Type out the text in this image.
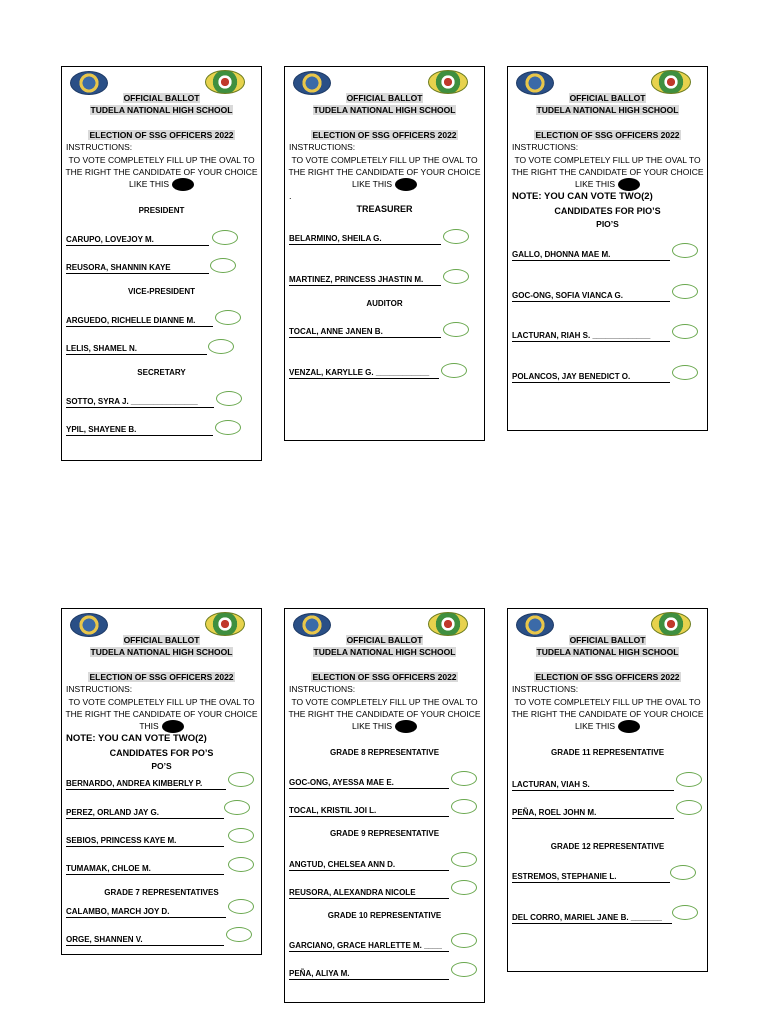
OFFICIAL BALLOT
TUDELA NATIONAL HIGH SCHOOL
ELECTION OF SSG OFFICERS 2022
INSTRUCTIONS:
TO VOTE COMPLETELY FILL UP THE OVAL TO
THE RIGHT THE CANDIDATE OF YOUR CHOICE
LIKE THIS
PRESIDENT
CARUPO, LOVEJOY M.
REUSORA, SHANNIN KAYE
VICE-PRESIDENT
ARGUEDO, RICHELLE DIANNE M.
LELIS, SHAMEL N.
SECRETARY
SOTTO, SYRA J. _______________
YPIL, SHAYENE B.
OFFICIAL BALLOT
TUDELA NATIONAL HIGH SCHOOL
ELECTION OF SSG OFFICERS 2022
INSTRUCTIONS:
TO VOTE COMPLETELY FILL UP THE OVAL TO
THE RIGHT THE CANDIDATE OF YOUR CHOICE
LIKE THIS
.
TREASURER
BELARMINO, SHEILA G.
MARTINEZ, PRINCESS JHASTIN M.
AUDITOR
TOCAL, ANNE JANEN B.
VENZAL, KARYLLE G. ____________
OFFICIAL BALLOT
TUDELA NATIONAL HIGH SCHOOL
ELECTION OF SSG OFFICERS 2022
INSTRUCTIONS:
TO VOTE COMPLETELY FILL UP THE OVAL TO
THE RIGHT THE CANDIDATE OF YOUR CHOICE
LIKE THIS
NOTE: YOU CAN VOTE TWO(2)
CANDIDATES FOR PIO’S
PIO’S
GALLO, DHONNA MAE M.
GOC-ONG, SOFIA VIANCA G.
LACTURAN, RIAH S. _____________
POLANCOS, JAY BENEDICT O.
OFFICIAL BALLOT
TUDELA NATIONAL HIGH SCHOOL
ELECTION OF SSG OFFICERS 2022
INSTRUCTIONS:
TO VOTE COMPLETELY FILL UP THE OVAL TO
THE RIGHT THE CANDIDATE OF YOUR CHOICE
THIS
NOTE: YOU CAN VOTE TWO(2)
CANDIDATES FOR PO’S
PO’S
BERNARDO, ANDREA KIMBERLY P.
PEREZ, ORLAND JAY G.
SEBIOS, PRINCESS KAYE M.
TUMAMAK, CHLOE M.
GRADE 7 REPRESENTATIVES
CALAMBO, MARCH JOY D.
ORGE, SHANNEN V.
OFFICIAL BALLOT
TUDELA NATIONAL HIGH SCHOOL
ELECTION OF SSG OFFICERS 2022
INSTRUCTIONS:
TO VOTE COMPLETELY FILL UP THE OVAL TO
THE RIGHT THE CANDIDATE OF YOUR CHOICE
LIKE THIS
GRADE 8 REPRESENTATIVE
GOC-ONG, AYESSA MAE E.
TOCAL, KRISTIL JOI L.
GRADE 9 REPRESENTATIVE
ANGTUD, CHELSEA ANN D.
REUSORA, ALEXANDRA NICOLE
GRADE 10 REPRESENTATIVE
GARCIANO, GRACE HARLETTE M. ____
PEÑA, ALIYA M.
OFFICIAL BALLOT
TUDELA NATIONAL HIGH SCHOOL
ELECTION OF SSG OFFICERS 2022
INSTRUCTIONS:
TO VOTE COMPLETELY FILL UP THE OVAL TO
THE RIGHT THE CANDIDATE OF YOUR CHOICE
LIKE THIS
GRADE 11 REPRESENTATIVE
LACTURAN, VIAH S.
PEÑA, ROEL JOHN M.
GRADE 12 REPRESENTATIVE
ESTREMOS, STEPHANIE L.
DEL CORRO, MARIEL JANE B. _______
